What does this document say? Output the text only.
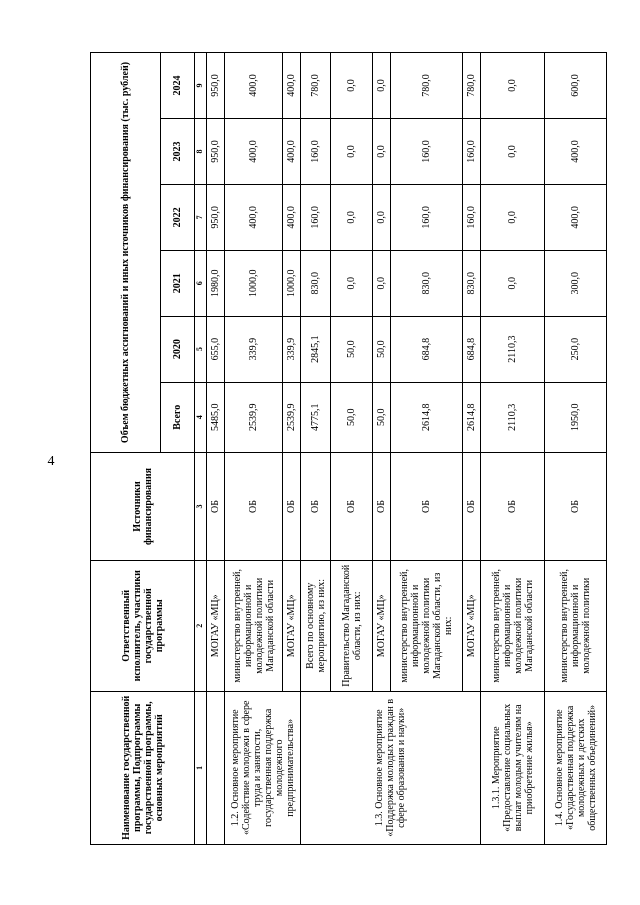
4
Наименование государственной программы, Подпрограммы государственной программы, основных мероприятий	Ответственный исполнитель, участники государственной программы	Источники финансирования	Объем бюджетных ассигнований и иных источников финансирования (тыс. рублей)					
			Всего	2020	2021	2022	2023	2024
1	2	3	4	5	6	7	8	9
	МОГАУ «МЦ»	ОБ	5485,0	655,0	1980,0	950,0	950,0	950,0
1.2. Основное мероприятие «Содействие молодежи в сфере труда и занятости, государственная поддержка молодежного предпринимательства»	министерство внутренней, информационной и молодежной политики Магаданской области	ОБ	2539,9	339,9	1000,0	400,0	400,0	400,0
	МОГАУ «МЦ»	ОБ	2539,9	339,9	1000,0	400,0	400,0	400,0
1.3. Основное мероприятие «Поддержка молодых граждан в сфере образования и науки»	Всего по основному мероприятию, из них:	ОБ	4775,1	2845,1	830,0	160,0	160,0	780,0
	Правительство Магаданской области, из них:	ОБ	50,0	50,0	0,0	0,0	0,0	0,0
	МОГАУ «МЦ»	ОБ	50,0	50,0	0,0	0,0	0,0	0,0
	министерство внутренней, информационной и молодежной политики Магаданской области, из них:	ОБ	2614,8	684,8	830,0	160,0	160,0	780,0
	МОГАУ «МЦ»	ОБ	2614,8	684,8	830,0	160,0	160,0	780,0
1.3.1. Мероприятие «Предоставление социальных выплат молодым учителям на приобретение жилья»	министерство внутренней, информационной и молодежной политики Магаданской области	ОБ	2110,3	2110,3	0,0	0,0	0,0	0,0
1.4. Основное мероприятие «Государственная поддержка молодежных и детских общественных объединений»	министерство внутренней, информационной и молодежной политики	ОБ	1950,0	250,0	300,0	400,0	400,0	600,0
